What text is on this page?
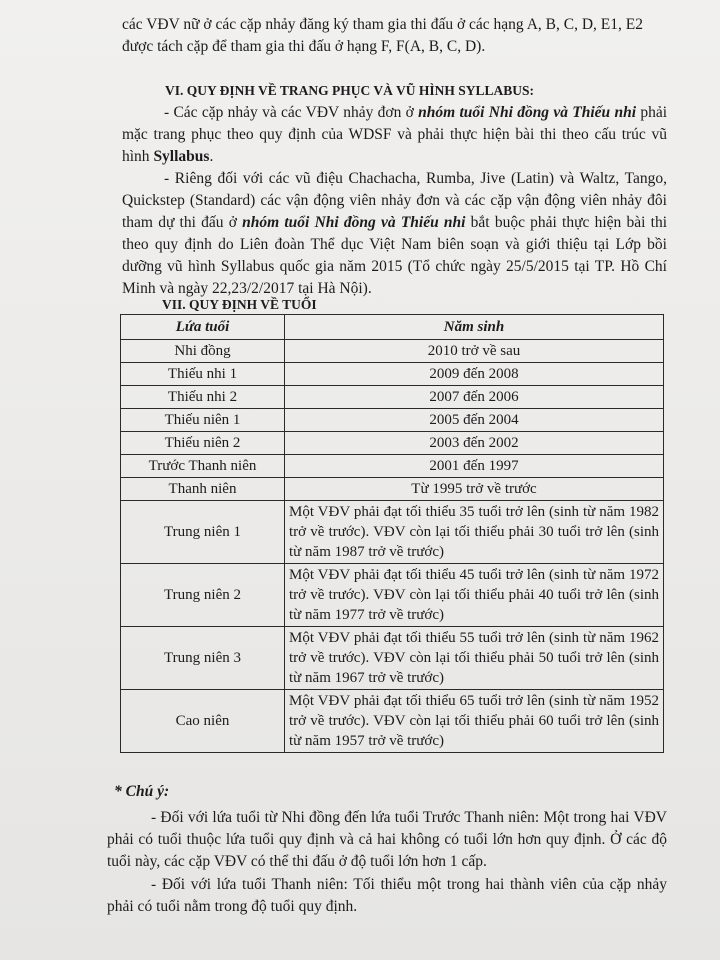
các VĐV nữ ở các cặp nhảy đăng ký tham gia thi đấu ở các hạng A, B, C, D, E1, E2
được tách cặp để tham gia thi đấu ở hạng F, F(A, B, C, D).

VI. QUY ĐỊNH VỀ TRANG PHỤC VÀ VŨ HÌNH SYLLABUS:

- Các cặp nhảy và các VĐV nhảy đơn ở nhóm tuổi Nhi đồng và Thiếu nhi phải mặc trang phục theo quy định của WDSF và phải thực hiện bài thi theo cấu trúc vũ hình Syllabus.

- Riêng đối với các vũ điệu Chachacha, Rumba, Jive (Latin) và Waltz, Tango, Quickstep (Standard) các vận động viên nhảy đơn và các cặp vận động viên nhảy đôi tham dự thi đấu ở nhóm tuổi Nhi đồng và Thiếu nhi bắt buộc phải thực hiện bài thi theo quy định do Liên đoàn Thể dục Việt Nam biên soạn và giới thiệu tại Lớp bồi dưỡng vũ hình Syllabus quốc gia năm 2015 (Tổ chức ngày 25/5/2015 tại TP. Hồ Chí Minh và ngày 22,23/2/2017 tại Hà Nội).

VII. QUY ĐỊNH VỀ TUỔI
Lứa tuổi	Năm sinh
Nhi đồng	2010 trở về sau
Thiếu nhi 1	2009 đến 2008
Thiếu nhi 2	2007 đến 2006
Thiếu niên 1	2005 đến 2004
Thiếu niên 2	2003 đến 2002
Trước Thanh niên	2001 đến 1997
Thanh niên	Từ 1995 trở về trước
Trung niên 1	Một VĐV phải đạt tối thiểu 35 tuổi trở lên (sinh từ năm 1982 trở về trước). VĐV còn lại tối thiểu phải 30 tuổi trở lên (sinh từ năm 1987 trở về trước)
Trung niên 2	Một VĐV phải đạt tối thiểu 45 tuổi trở lên (sinh từ năm 1972 trở về trước). VĐV còn lại tối thiểu phải 40 tuổi trở lên (sinh từ năm 1977 trở về trước)
Trung niên 3	Một VĐV phải đạt tối thiểu 55 tuổi trở lên (sinh từ năm 1962 trở về trước). VĐV còn lại tối thiểu phải 50 tuổi trở lên (sinh từ năm 1967 trở về trước)
Cao niên	Một VĐV phải đạt tối thiểu 65 tuổi trở lên (sinh từ năm 1952 trở về trước). VĐV còn lại tối thiểu phải 60 tuổi trở lên (sinh từ năm 1957 trở về trước)
* Chú ý:

- Đối với lứa tuổi từ Nhi đồng đến lứa tuổi Trước Thanh niên: Một trong hai VĐV phải có tuổi thuộc lứa tuổi quy định và cả hai không có tuổi lớn hơn quy định. Ở các độ tuổi này, các cặp VĐV có thể thi đấu ở độ tuổi lớn hơn 1 cấp.

- Đối với lứa tuổi Thanh niên: Tối thiểu một trong hai thành viên của cặp nhảy phải có tuổi nằm trong độ tuổi quy định.
